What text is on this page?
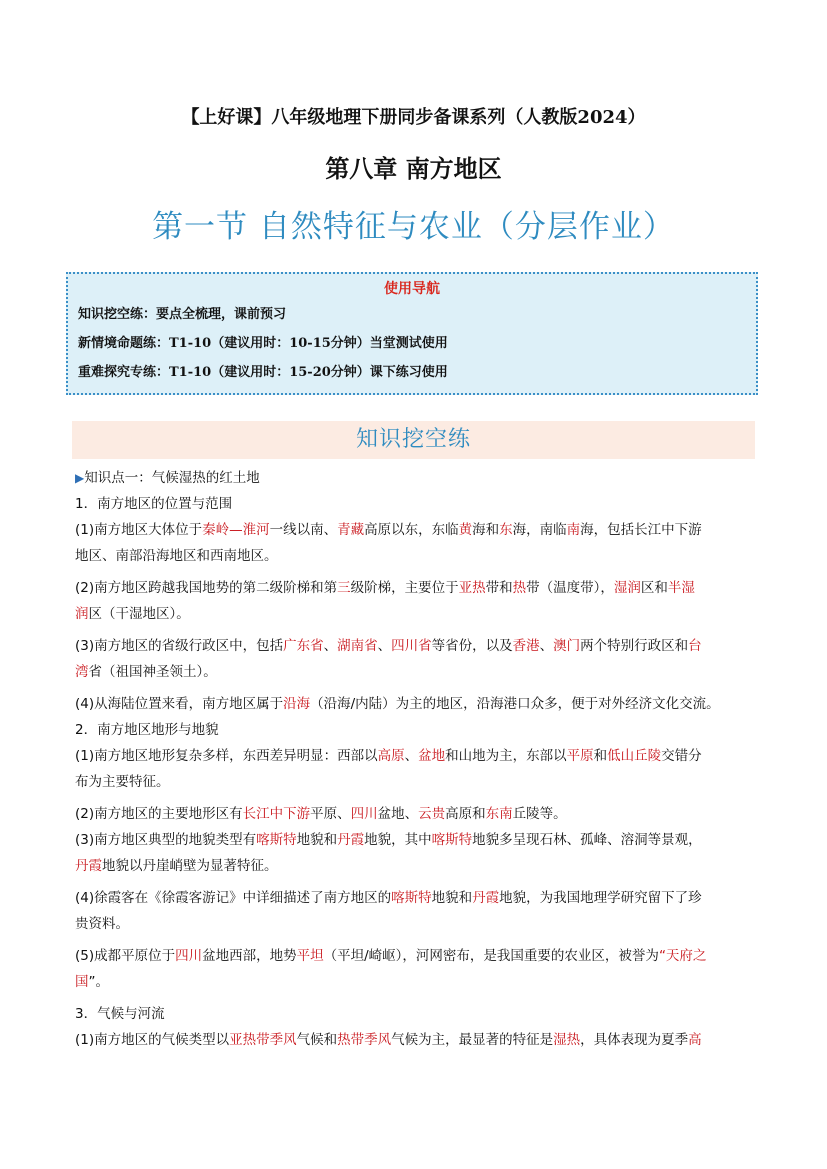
【上好课】八年级地理下册同步备课系列（人教版2024）
第八章 南方地区
第一节 自然特征与农业（分层作业）
使用导航
知识挖空练：要点全梳理，课前预习
新情境命题练：T1-10（建议用时：10-15分钟）当堂测试使用
重难探究专练：T1-10（建议用时：15-20分钟）课下练习使用
知识挖空练

▶知识点一：气候湿热的红土地

1．南方地区的位置与范围

(1)南方地区大体位于秦岭—淮河一线以南、青藏高原以东，东临黄海和东海，南临南海，包括长江中下游

地区、南部沿海地区和西南地区。

(2)南方地区跨越我国地势的第二级阶梯和第三级阶梯，主要位于亚热带和热带（温度带），湿润区和半湿

润区（干湿地区）。

(3)南方地区的省级行政区中，包括广东省、湖南省、四川省等省份，以及香港、澳门两个特别行政区和台

湾省（祖国神圣领土）。

(4)从海陆位置来看，南方地区属于沿海（沿海/内陆）为主的地区，沿海港口众多，便于对外经济文化交流。

2．南方地区地形与地貌

(1)南方地区地形复杂多样，东西差异明显：西部以高原、盆地和山地为主，东部以平原和低山丘陵交错分

布为主要特征。

(2)南方地区的主要地形区有长江中下游平原、四川盆地、云贵高原和东南丘陵等。

(3)南方地区典型的地貌类型有喀斯特地貌和丹霞地貌，其中喀斯特地貌多呈现石林、孤峰、溶洞等景观，

丹霞地貌以丹崖峭壁为显著特征。

(4)徐霞客在《徐霞客游记》中详细描述了南方地区的喀斯特地貌和丹霞地貌，为我国地理学研究留下了珍

贵资料。

(5)成都平原位于四川盆地西部，地势平坦（平坦/崎岖），河网密布，是我国重要的农业区，被誉为“天府之

国”。

3．气候与河流

(1)南方地区的气候类型以亚热带季风气候和热带季风气候为主，最显著的特征是湿热，具体表现为夏季高
